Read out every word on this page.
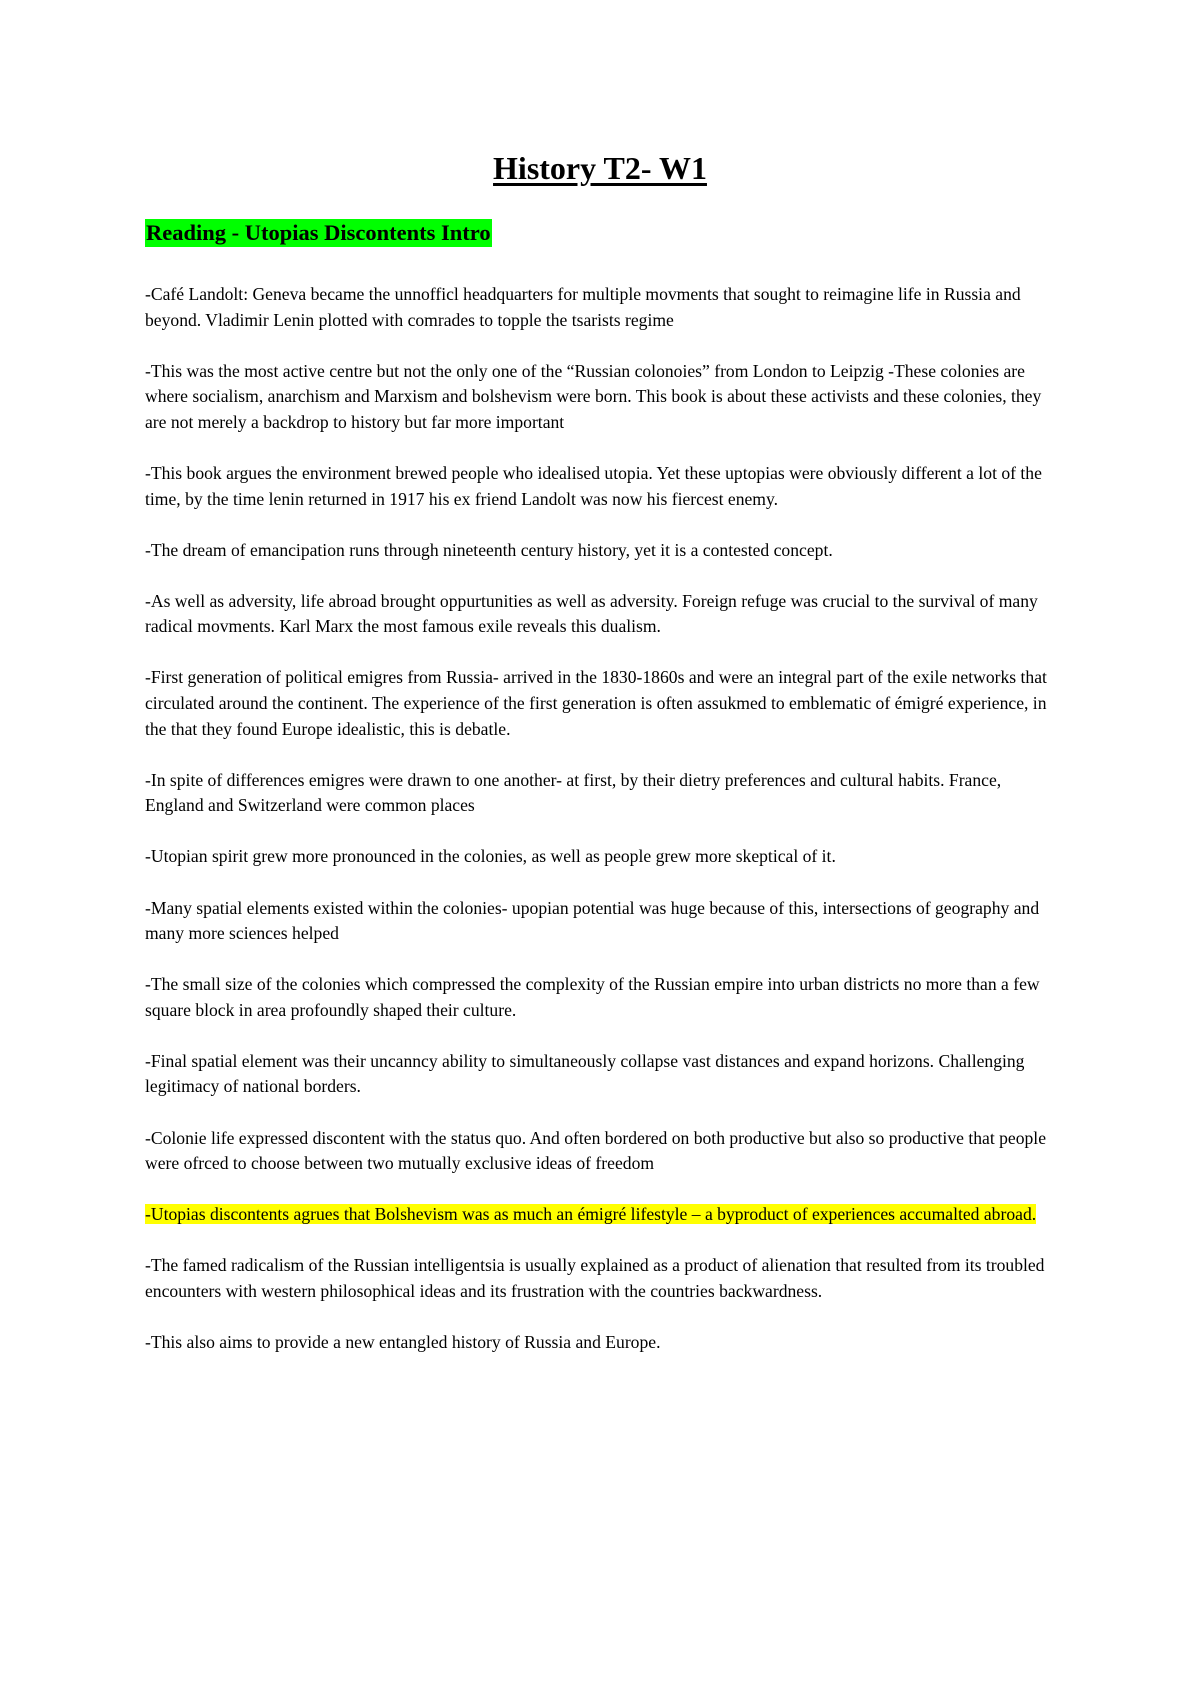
History T2- W1
Reading - Utopias Discontents Intro

-Café Landolt: Geneva became the unnofficl headquarters for multiple movments that sought to reimagine life in Russia and beyond. Vladimir Lenin plotted with comrades to topple the tsarists regime

-This was the most active centre but not the only one of the “Russian colonoies” from London to Leipzig -These colonies are where socialism, anarchism and Marxism and bolshevism were born. This book is about these activists and these colonies, they are not merely a backdrop to history but far more important

-This book argues the environment brewed people who idealised utopia. Yet these uptopias were obviously different a lot of the time, by the time lenin returned in 1917 his ex friend Landolt was now his fiercest enemy.

-The dream of emancipation runs through nineteenth century history, yet it is a contested concept.

-As well as adversity, life abroad brought oppurtunities as well as adversity. Foreign refuge was crucial to the survival of many radical movments. Karl Marx the most famous exile reveals this dualism.

-First generation of political emigres from Russia- arrived in the 1830-1860s and were an integral part of the exile networks that circulated around the continent. The experience of the first generation is often assukmed to emblematic of émigré experience, in the that they found Europe idealistic, this is debatle.

-In spite of differences emigres were drawn to one another- at first, by their dietry preferences and cultural habits. France, England and Switzerland were common places

-Utopian spirit grew more pronounced in the colonies, as well as people grew more skeptical of it.

-Many spatial elements existed within the colonies- upopian potential was huge because of this, intersections of geography and many more sciences helped

-The small size of the colonies which compressed the complexity of the Russian empire into urban districts no more than a few square block in area profoundly shaped their culture.

-Final spatial element was their uncanncy ability to simultaneously collapse vast distances and expand horizons. Challenging legitimacy of national borders.

-Colonie life expressed discontent with the status quo. And often bordered on both productive but also so productive that people were ofrced to choose between two mutually exclusive ideas of freedom

-Utopias discontents agrues that Bolshevism was as much an émigré lifestyle – a byproduct of experiences accumalted abroad.

-The famed radicalism of the Russian intelligentsia is usually explained as a product of alienation that resulted from its troubled encounters with western philosophical ideas and its frustration with the countries backwardness.

-This also aims to provide a new entangled history of Russia and Europe.
